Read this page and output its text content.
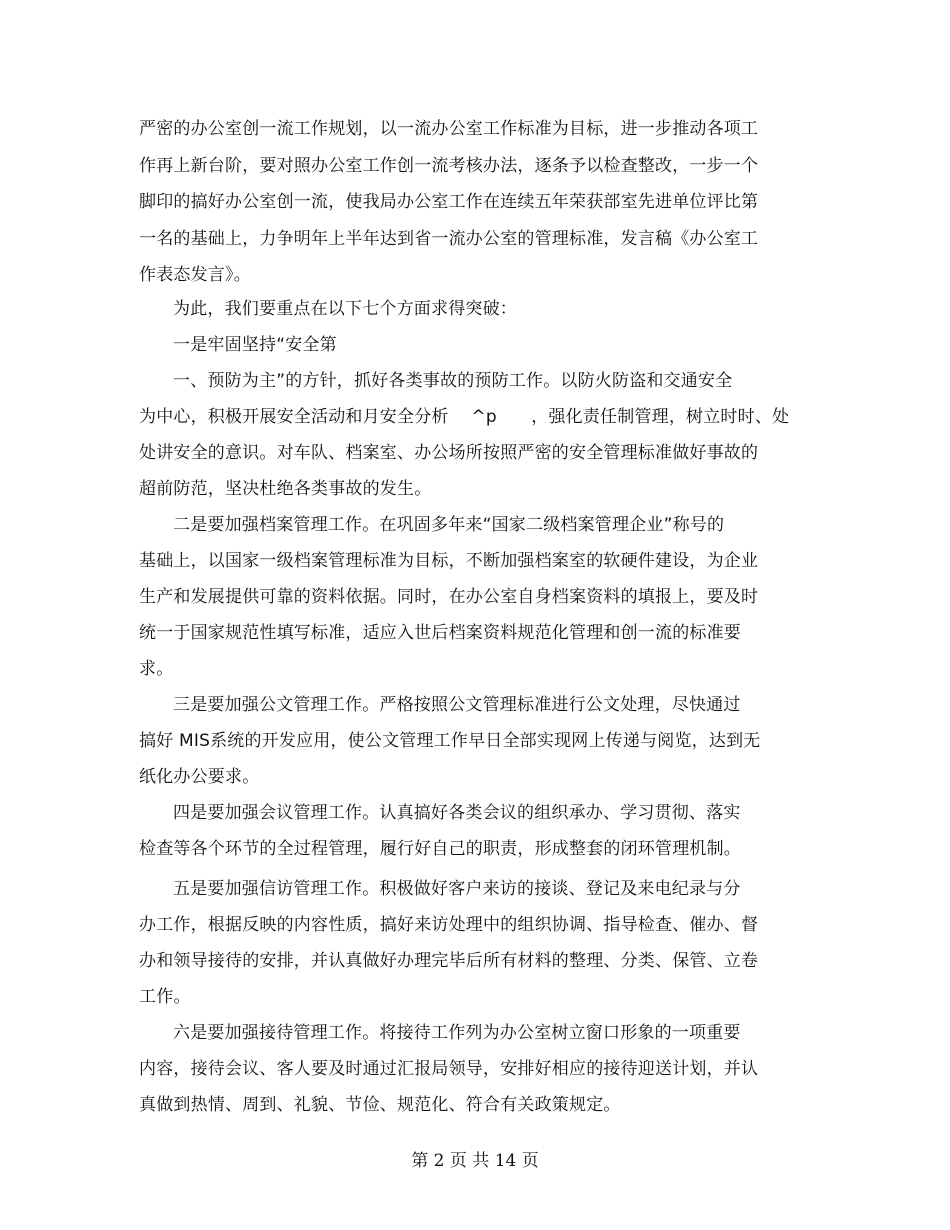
严密的办公室创一流工作规划，以一流办公室工作标准为目标，进一步推动各项工
作再上新台阶，要对照办公室工作创一流考核办法，逐条予以检查整改，一步一个
脚印的搞好办公室创一流，使我局办公室工作在连续五年荣获部室先进单位评比第
一名的基础上，力争明年上半年达到省一流办公室的管理标准，发言稿《办公室工
作表态发言》。
为此，我们要重点在以下七个方面求得突破：
一是牢固坚持“安全第
一、预防为主”的方针，抓好各类事故的预防工作。以防火防盗和交通安全
为中心，积极开展安全活动和月安全分析 　^p　　，强化责任制管理，树立时时、处
处讲安全的意识。对车队、档案室、办公场所按照严密的安全管理标准做好事故的
超前防范，坚决杜绝各类事故的发生。
二是要加强档案管理工作。在巩固多年来“国家二级档案管理企业”称号的
基础上，以国家一级档案管理标准为目标，不断加强档案室的软硬件建设，为企业
生产和发展提供可靠的资料依据。同时，在办公室自身档案资料的填报上，要及时
统一于国家规范性填写标准，适应入世后档案资料规范化管理和创一流的标准要
求。
三是要加强公文管理工作。严格按照公文管理标准进行公文处理，尽快通过
搞好 MIS系统的开发应用，使公文管理工作早日全部实现网上传递与阅览，达到无
纸化办公要求。
四是要加强会议管理工作。认真搞好各类会议的组织承办、学习贯彻、落实
检查等各个环节的全过程管理，履行好自己的职责，形成整套的闭环管理机制。
五是要加强信访管理工作。积极做好客户来访的接谈、登记及来电纪录与分
办工作，根据反映的内容性质，搞好来访处理中的组织协调、指导检查、催办、督
办和领导接待的安排，并认真做好办理完毕后所有材料的整理、分类、保管、立卷
工作。
六是要加强接待管理工作。将接待工作列为办公室树立窗口形象的一项重要
内容，接待会议、客人要及时通过汇报局领导，安排好相应的接待迎送计划，并认
真做到热情、周到、礼貌、节俭、规范化、符合有关政策规定。
第 2 页 共 14 页
